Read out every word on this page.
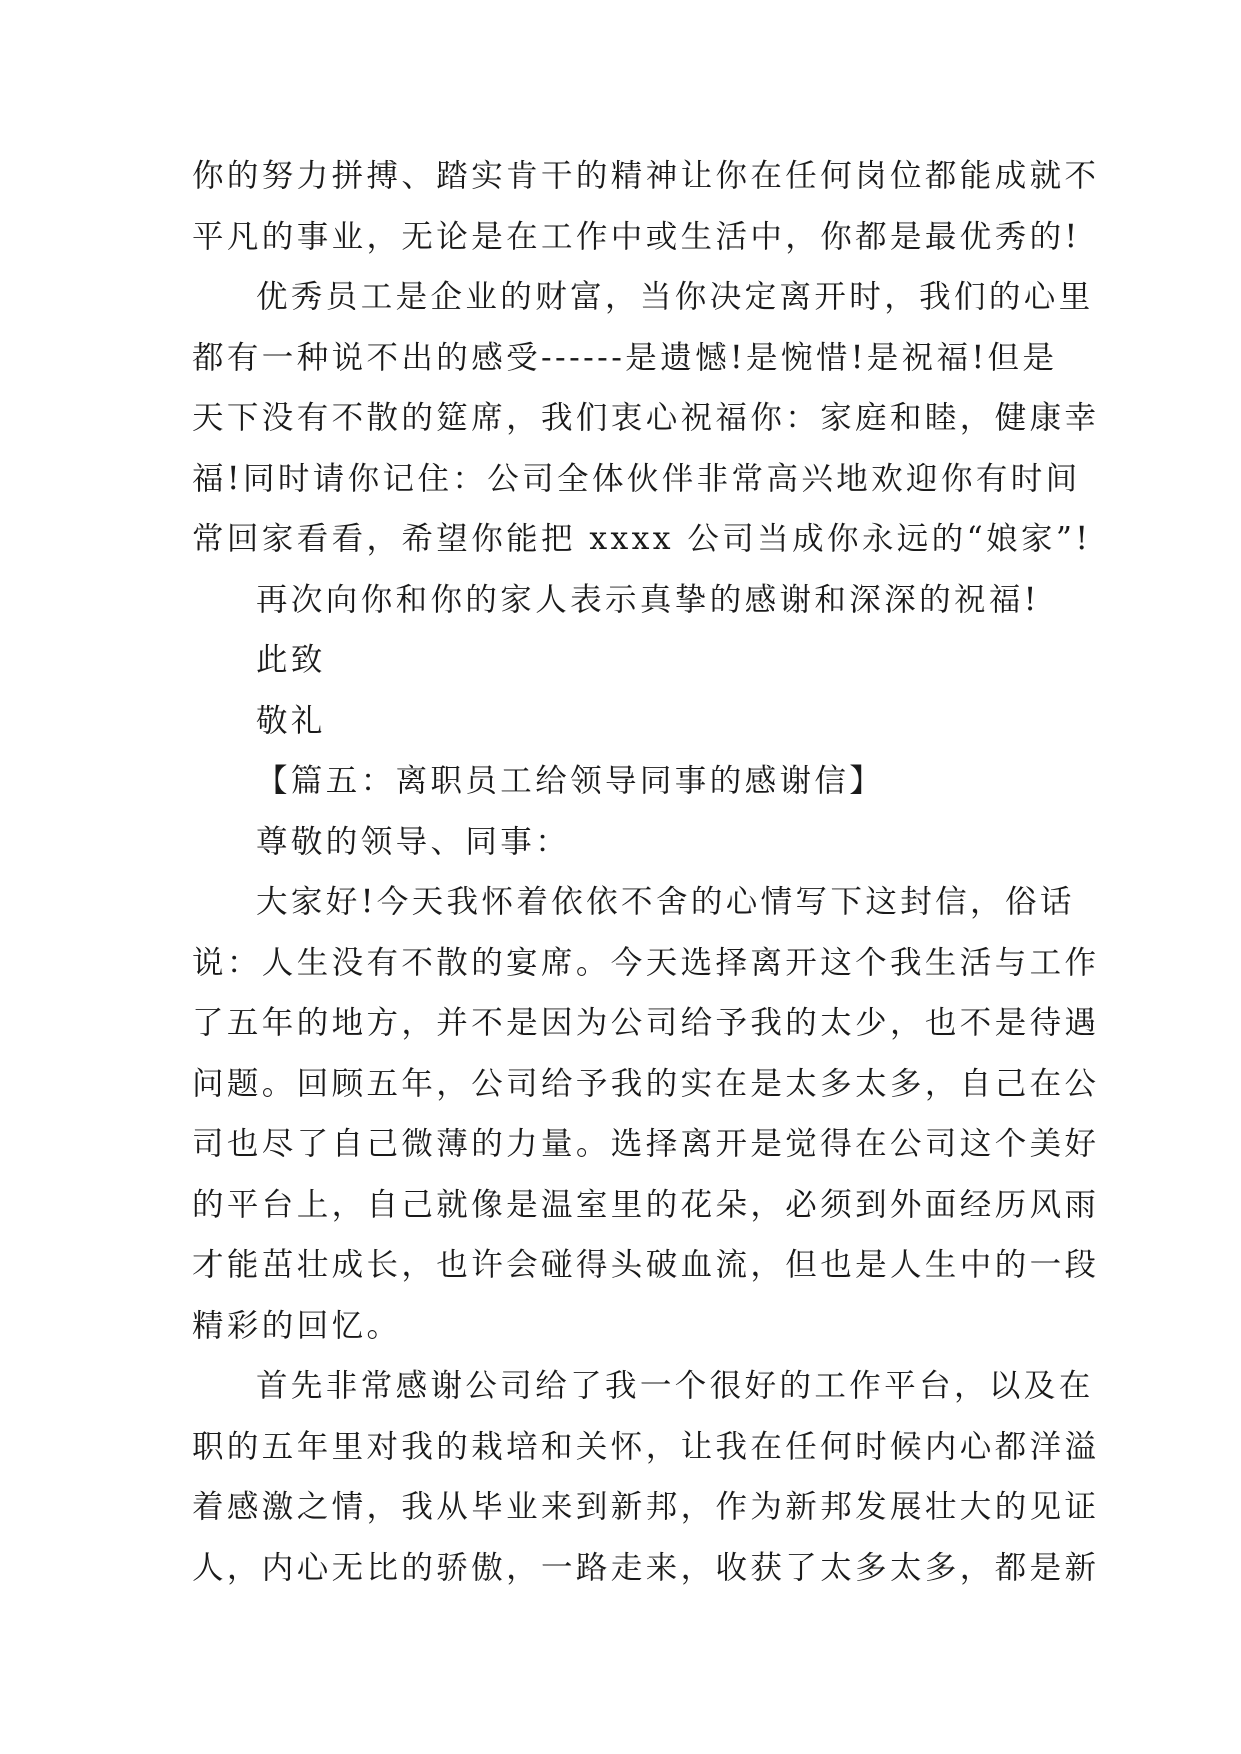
你的努力拼搏、踏实肯干的精神让你在任何岗位都能成就不
平凡的事业，无论是在工作中或生活中，你都是最优秀的!
优秀员工是企业的财富，当你决定离开时，我们的心里
都有一种说不出的感受------是遗憾!是惋惜!是祝福!但是
天下没有不散的筵席，我们衷心祝福你：家庭和睦，健康幸
福!同时请你记住：公司全体伙伴非常高兴地欢迎你有时间
常回家看看，希望你能把 xxxx 公司当成你永远的“娘家”!
再次向你和你的家人表示真挚的感谢和深深的祝福!
此致
敬礼
【篇五：离职员工给领导同事的感谢信】
尊敬的领导、同事：
大家好!今天我怀着依依不舍的心情写下这封信，俗话
说：人生没有不散的宴席。今天选择离开这个我生活与工作
了五年的地方，并不是因为公司给予我的太少，也不是待遇
问题。回顾五年，公司给予我的实在是太多太多，自己在公
司也尽了自己微薄的力量。选择离开是觉得在公司这个美好
的平台上，自己就像是温室里的花朵，必须到外面经历风雨
才能茁壮成长，也许会碰得头破血流，但也是人生中的一段
精彩的回忆。
首先非常感谢公司给了我一个很好的工作平台，以及在
职的五年里对我的栽培和关怀，让我在任何时候内心都洋溢
着感激之情，我从毕业来到新邦，作为新邦发展壮大的见证
人，内心无比的骄傲，一路走来，收获了太多太多，都是新
